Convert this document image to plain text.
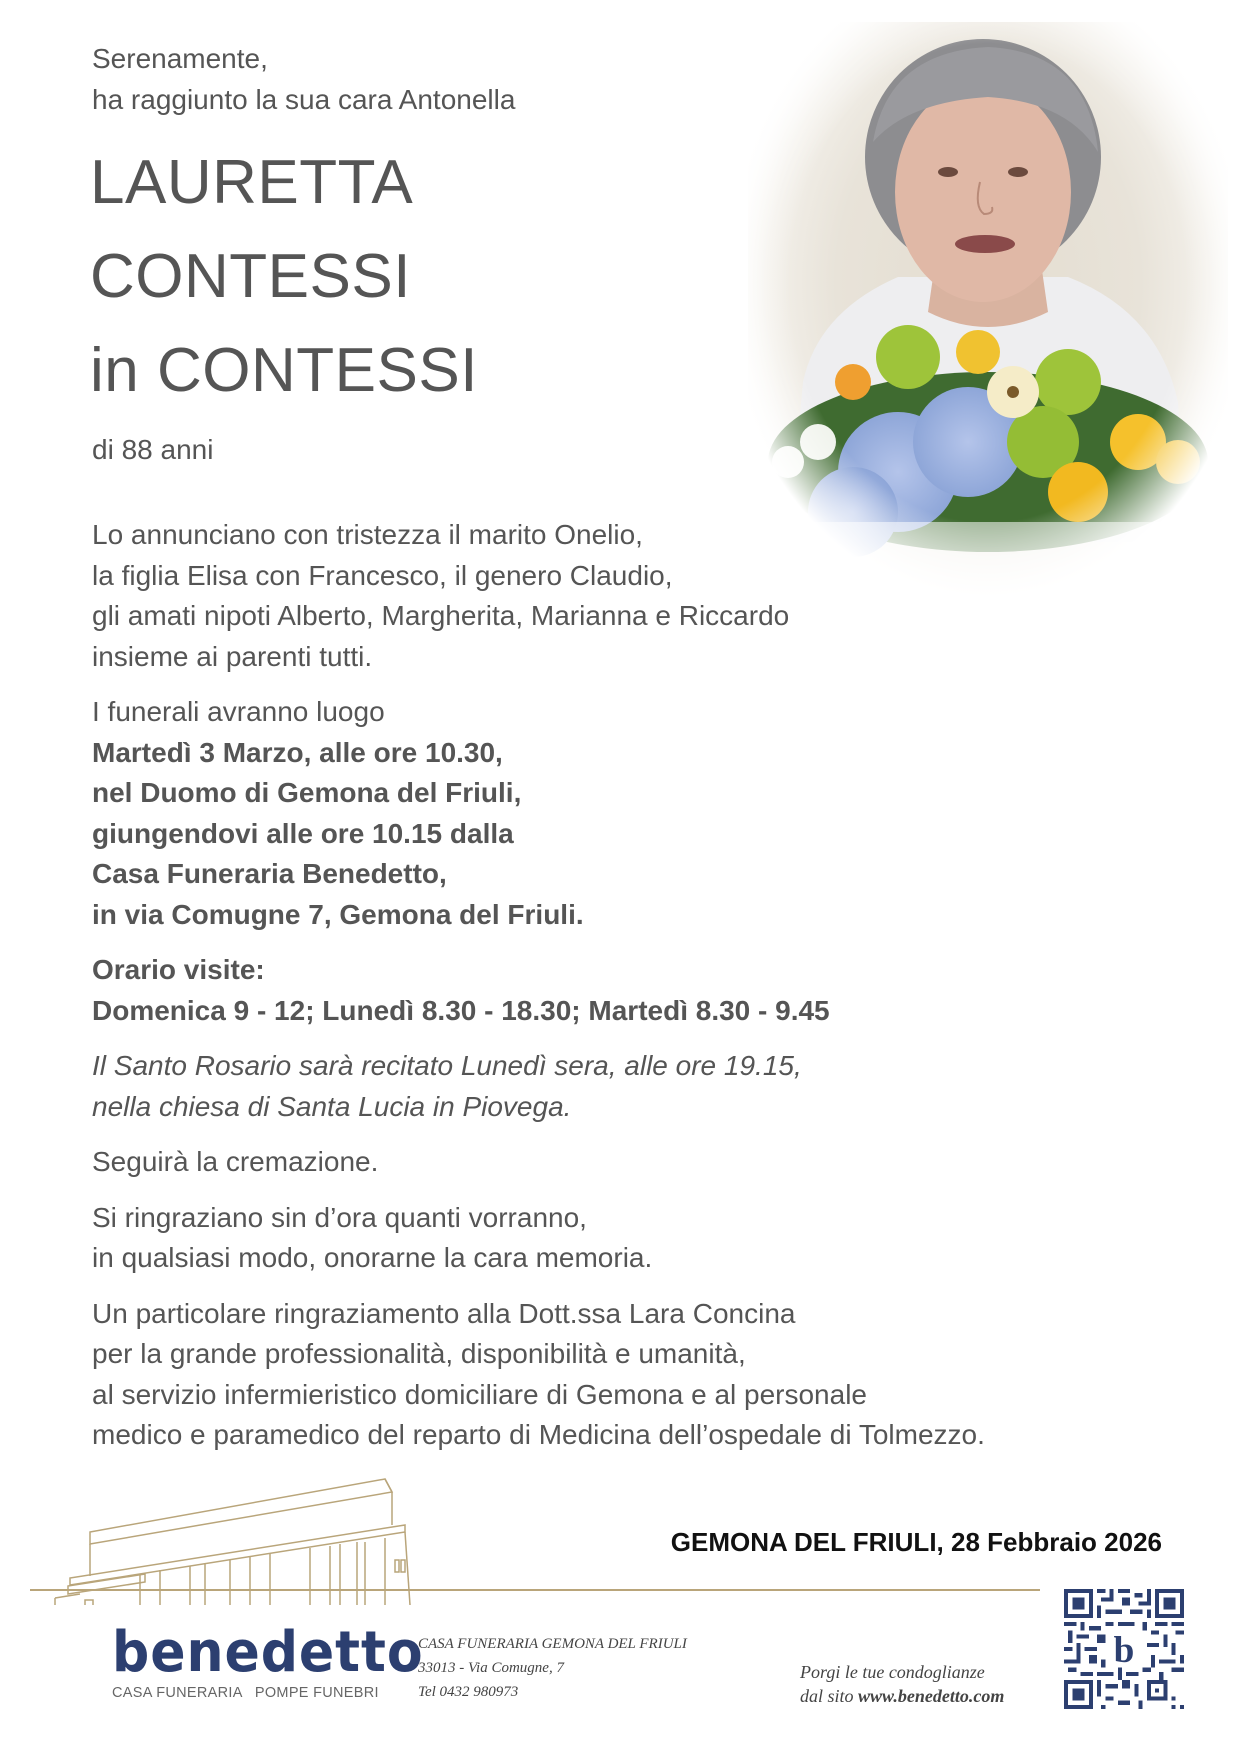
Serenamente,
ha raggiunto la sua cara Antonella
LAURETTA
CONTESSI
in CONTESSI
di 88 anni

Lo annunciano con tristezza il marito Onelio,
la figlia Elisa con Francesco, il genero Claudio,
gli amati nipoti Alberto, Margherita, Marianna e Riccardo
insieme ai parenti tutti.

I funerali avranno luogo
Martedì 3 Marzo, alle ore 10.30,
nel Duomo di Gemona del Friuli,
giungendovi alle ore 10.15 dalla
Casa Funeraria Benedetto,
in via Comugne 7, Gemona del Friuli.

Orario visite:
Domenica 9 - 12; Lunedì 8.30 - 18.30; Martedì 8.30 - 9.45

Il Santo Rosario sarà recitato Lunedì sera, alle ore 19.15,
nella chiesa di Santa Lucia in Piovega.

Seguirà la cremazione.

Si ringraziano sin d’ora quanti vorranno,
in qualsiasi modo, onorarne la cara memoria.

Un particolare ringraziamento alla Dott.ssa Lara Concina
per la grande professionalità, disponibilità e umanità,
al servizio infermieristico domiciliare di Gemona e al personale
medico e paramedico del reparto di Medicina dell’ospedale di Tolmezzo.

GEMONA DEL FRIULI, 28 Febbraio 2026
benedetto
CASA FUNERARIA   POMPE FUNEBRI
CASA FUNERARIA GEMONA DEL FRIULI
33013 - Via Comugne, 7
Tel 0432 980973
Porgi le tue condoglianze
dal sito www.benedetto.com
b
